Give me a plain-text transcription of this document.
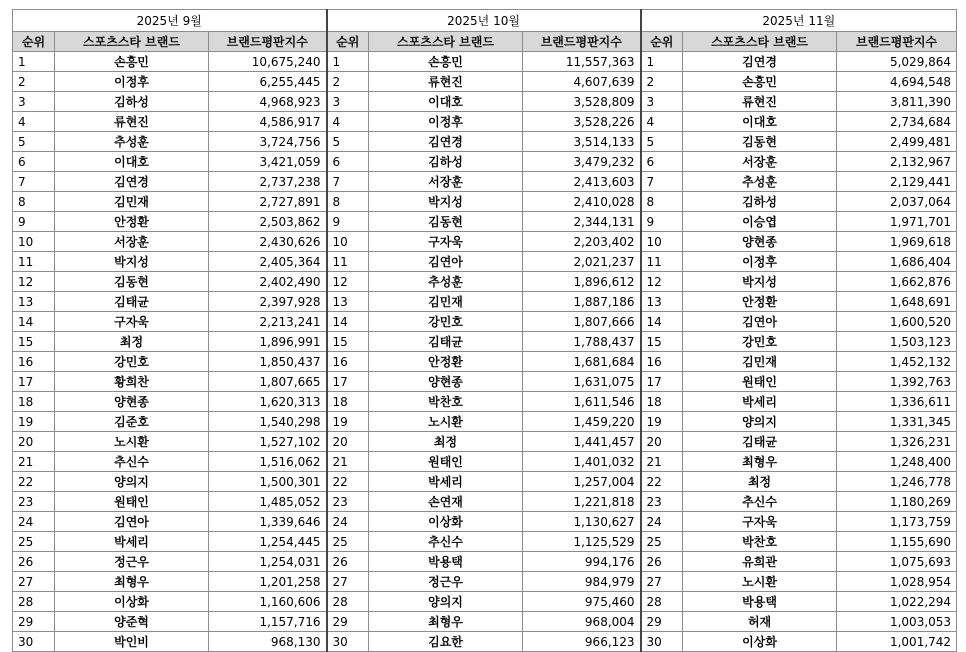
2025년 9월			2025년 10월			2025년 11월		
순위	스포츠스타 브랜드	브랜드평판지수	순위	스포츠스타 브랜드	브랜드평판지수	순위	스포츠스타 브랜드	브랜드평판지수
1	손흥민	10,675,240	1	손흥민	11,557,363	1	김연경	5,029,864
2	이정후	6,255,445	2	류현진	4,607,639	2	손흥민	4,694,548
3	김하성	4,968,923	3	이대호	3,528,809	3	류현진	3,811,390
4	류현진	4,586,917	4	이정후	3,528,226	4	이대호	2,734,684
5	추성훈	3,724,756	5	김연경	3,514,133	5	김동현	2,499,481
6	이대호	3,421,059	6	김하성	3,479,232	6	서장훈	2,132,967
7	김연경	2,737,238	7	서장훈	2,413,603	7	추성훈	2,129,441
8	김민재	2,727,891	8	박지성	2,410,028	8	김하성	2,037,064
9	안정환	2,503,862	9	김동현	2,344,131	9	이승엽	1,971,701
10	서장훈	2,430,626	10	구자욱	2,203,402	10	양현종	1,969,618
11	박지성	2,405,364	11	김연아	2,021,237	11	이정후	1,686,404
12	김동현	2,402,490	12	추성훈	1,896,612	12	박지성	1,662,876
13	김태균	2,397,928	13	김민재	1,887,186	13	안정환	1,648,691
14	구자욱	2,213,241	14	강민호	1,807,666	14	김연아	1,600,520
15	최정	1,896,991	15	김태균	1,788,437	15	강민호	1,503,123
16	강민호	1,850,437	16	안정환	1,681,684	16	김민재	1,452,132
17	황희찬	1,807,665	17	양현종	1,631,075	17	원태인	1,392,763
18	양현종	1,620,313	18	박찬호	1,611,546	18	박세리	1,336,611
19	김준호	1,540,298	19	노시환	1,459,220	19	양의지	1,331,345
20	노시환	1,527,102	20	최정	1,441,457	20	김태균	1,326,231
21	추신수	1,516,062	21	원태인	1,401,032	21	최형우	1,248,400
22	양의지	1,500,301	22	박세리	1,257,004	22	최정	1,246,778
23	원태인	1,485,052	23	손연재	1,221,818	23	추신수	1,180,269
24	김연아	1,339,646	24	이상화	1,130,627	24	구자욱	1,173,759
25	박세리	1,254,445	25	추신수	1,125,529	25	박찬호	1,155,690
26	정근우	1,254,031	26	박용택	994,176	26	유희관	1,075,693
27	최형우	1,201,258	27	정근우	984,979	27	노시환	1,028,954
28	이상화	1,160,606	28	양의지	975,460	28	박용택	1,022,294
29	양준혁	1,157,716	29	최형우	968,004	29	허재	1,003,053
30	박인비	968,130	30	김요한	966,123	30	이상화	1,001,742
